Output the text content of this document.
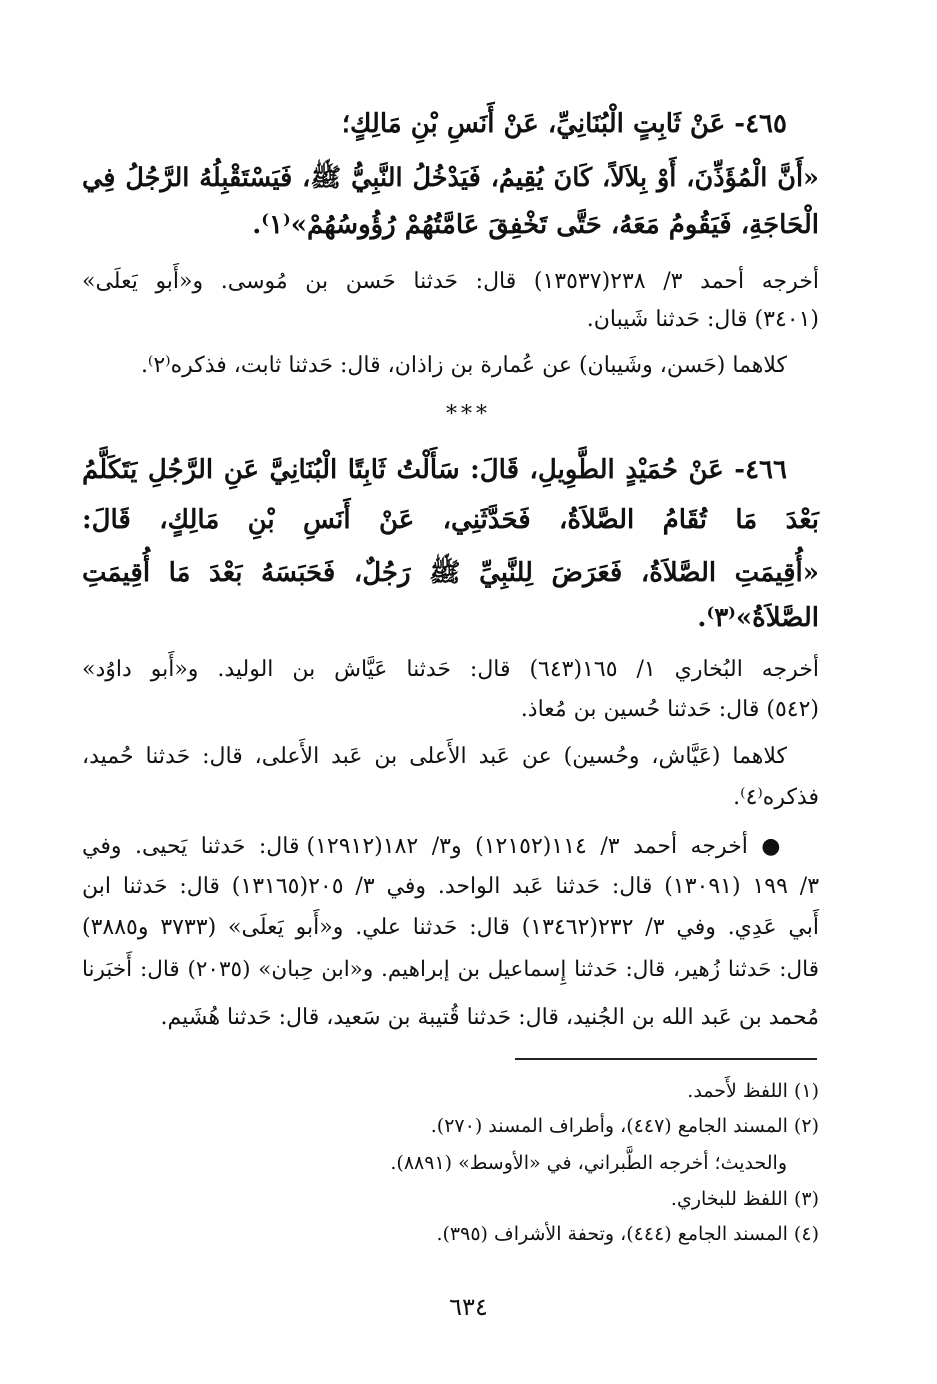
٤٦٥- عَنْ ثَابِتٍ الْبُنَانِيِّ، عَنْ أَنَسِ بْنِ مَالِكٍ؛
«أَنَّ الْمُؤَذِّنَ، أَوْ بِلاَلاً، كَانَ يُقِيمُ، فَيَدْخُلُ النَّبِيُّ ﷺ، فَيَسْتَقْبِلُهُ الرَّجُلُ فِي
الْحَاجَةِ، فَيَقُومُ مَعَهُ، حَتَّى تَخْفِقَ عَامَّتُهُمْ رُؤُوسُهُمْ»⁽١⁾.
أخرجه أحمد ٣/ ٢٣٨(١٣٥٣٧) قال: حَدثنا حَسن بن مُوسى. و«أَبو يَعلَى»
(٣٤٠١) قال: حَدثنا شَيبان.
كلاهما (حَسن، وشَيبان) عن عُمارة بن زاذان، قال: حَدثنا ثابت، فذكره⁽٢⁾.
***
٤٦٦- عَنْ حُمَيْدٍ الطَّوِيلِ، قَالَ: سَأَلْتُ ثَابِتًا الْبُنَانِيَّ عَنِ الرَّجُلِ يَتَكَلَّمُ
بَعْدَ مَا تُقَامُ الصَّلاَةُ، فَحَدَّثَنِي، عَنْ أَنَسِ بْنِ مَالِكٍ، قَالَ:
«أُقِيمَتِ الصَّلاَةُ، فَعَرَضَ لِلنَّبِيِّ ﷺ رَجُلٌ، فَحَبَسَهُ بَعْدَ مَا أُقِيمَتِ
الصَّلاَةُ»⁽٣⁾.
أخرجه البُخاري ١/ ١٦٥(٦٤٣) قال: حَدثنا عَيَّاش بن الوليد. و«أَبو داوُد»
(٥٤٢) قال: حَدثنا حُسين بن مُعاذ.
كلاهما (عَيَّاش، وحُسين) عن عَبد الأَعلى بن عَبد الأَعلى، قال: حَدثنا حُميد،
فذكره⁽٤⁾.
● أخرجه أحمد ٣/ ١١٤(١٢١٥٢) و٣/ ١٨٢(١٢٩١٢) قال: حَدثنا يَحيى. وفي
٣/ ١٩٩ (١٣٠٩١) قال: حَدثنا عَبد الواحد. وفي ٣/ ٢٠٥(١٣١٦٥) قال: حَدثنا ابن
أَبي عَدِي. وفي ٣/ ٢٣٢(١٣٤٦٢) قال: حَدثنا علي. و«أَبو يَعلَى» (٣٧٣٣ و٣٨٨٥)
قال: حَدثنا زُهير، قال: حَدثنا إِسماعيل بن إبراهيم. و«ابن حِبان» (٢٠٣٥) قال: أَخبَرنا
مُحمد بن عَبد الله بن الجُنيد، قال: حَدثنا قُتيبة بن سَعيد، قال: حَدثنا هُشَيم.
(١) اللفظ لأَحمد.
(٢) المسند الجامع (٤٤٧)، وأطراف المسند (٢٧٠).
والحديث؛ أخرجه الطَّبراني، في «الأوسط» (٨٨٩١).
(٣) اللفظ للبخاري.
(٤) المسند الجامع (٤٤٤)، وتحفة الأشراف (٣٩٥).
٦٣٤
